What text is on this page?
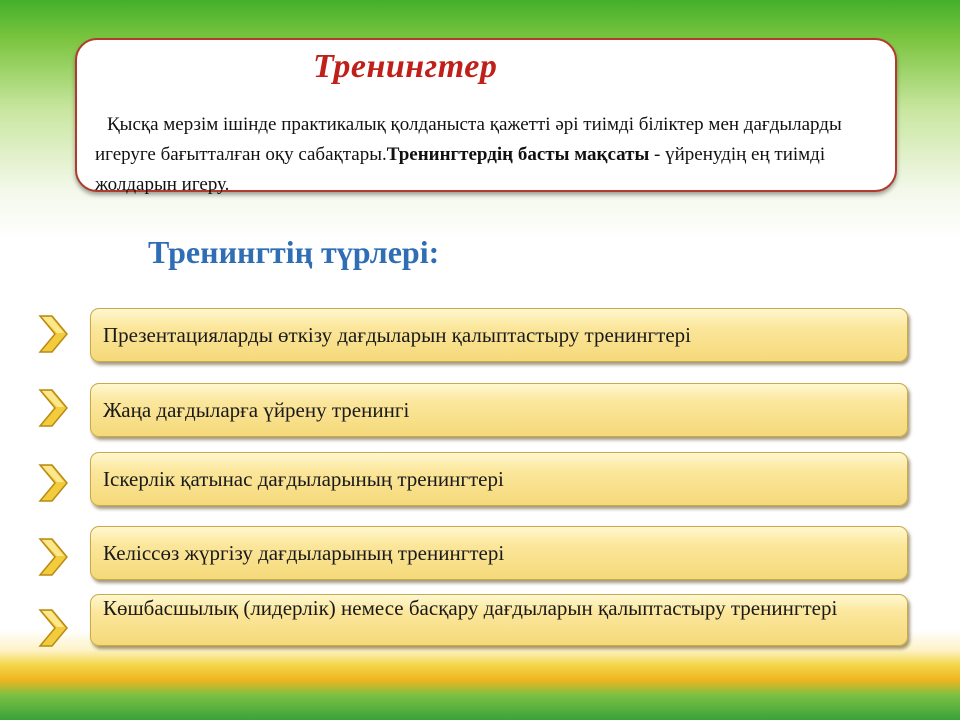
Тренингтер
Қысқа мерзім ішінде практикалық қолданыста қажетті әрі тиімді біліктер мен дағдыларды игеруге бағытталған оқу сабақтары.Тренингтердің басты мақсаты - үйренудің ең тиімді жолдарын игеру.
Тренингтің түрлері:
Презентацияларды өткізу дағдыларын қалыптастыру тренингтері
Жаңа дағдыларға үйрену тренингі
Іскерлік қатынас дағдыларының тренингтері
Келіссөз жүргізу дағдыларының тренингтері
Көшбасшылық (лидерлік) немесе басқару дағдыларын қалыптастыру тренингтері
